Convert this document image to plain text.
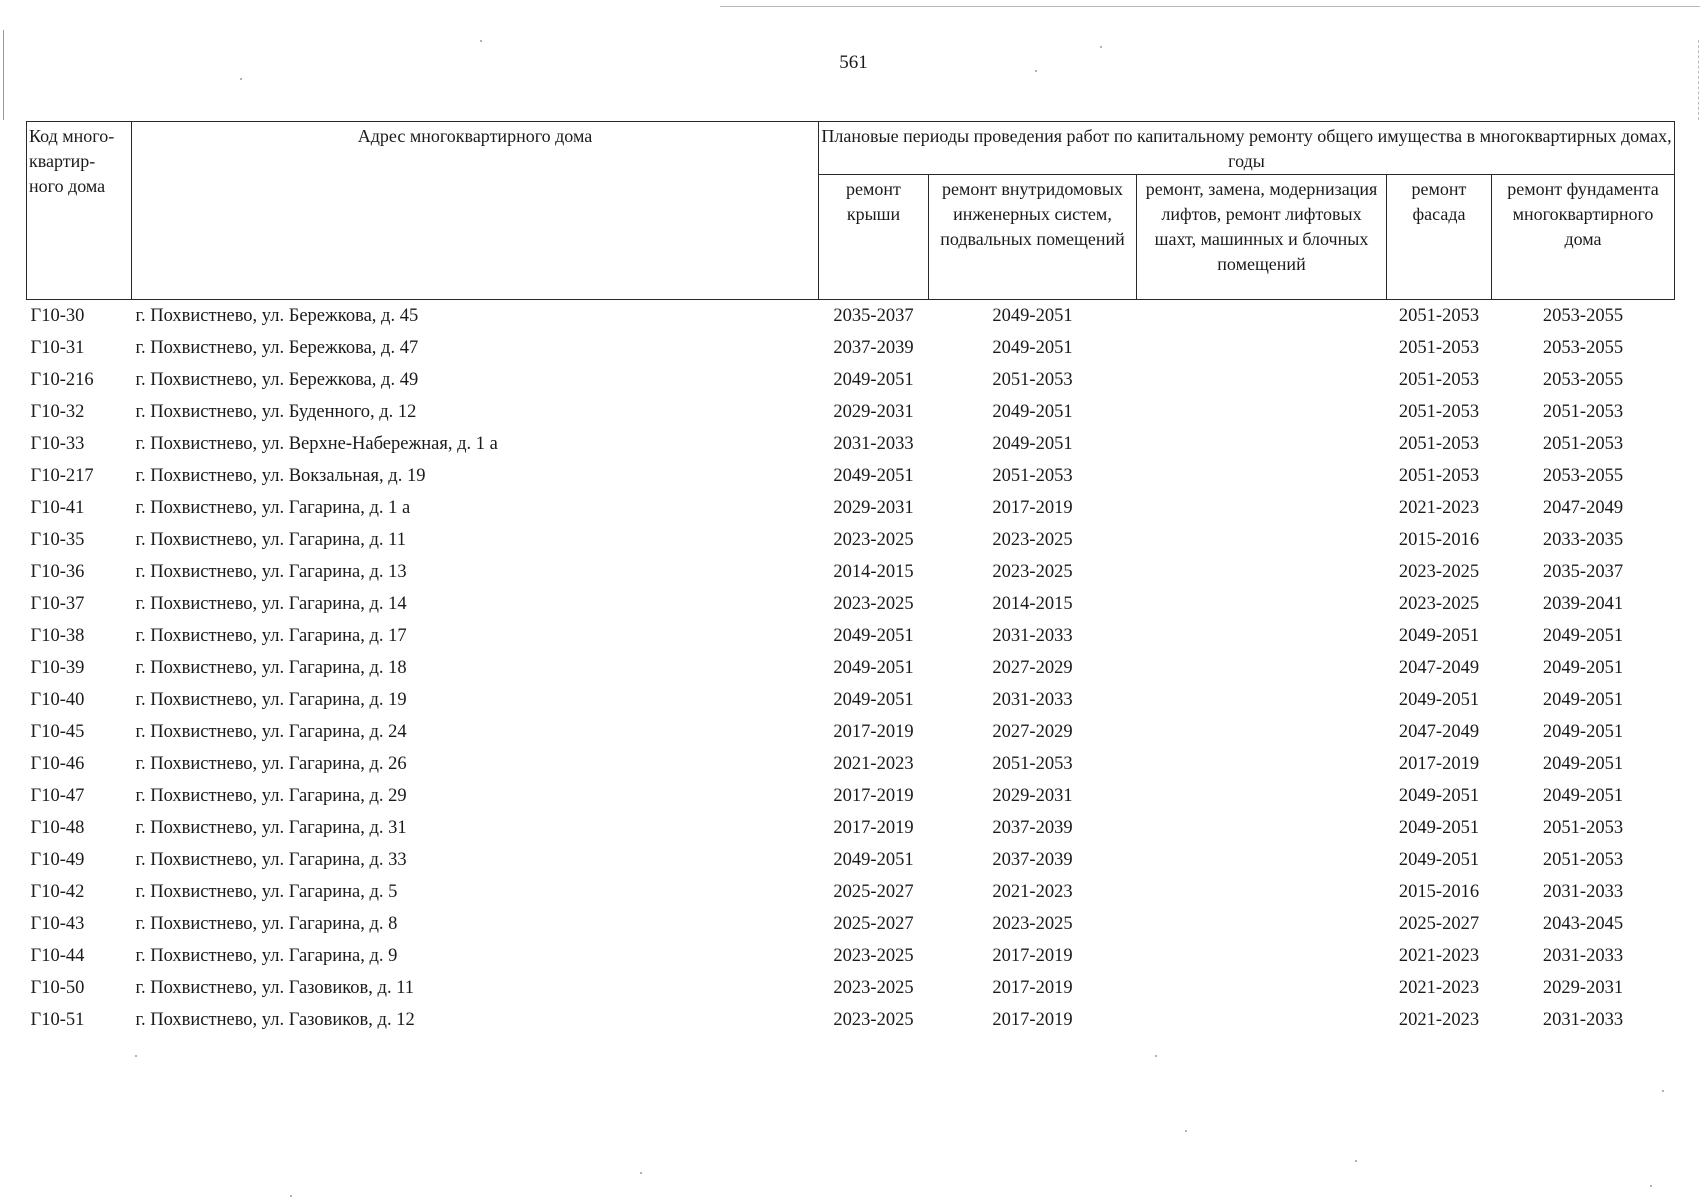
561
Код много-квартир-ного дома	Адрес многоквартирного дома	Плановые периоды проведения работ по капитальному ремонту общего имущества в многоквартирных домах, годы				
		ремонт крыши	ремонт внутридомовых инженерных систем, подвальных помещений	ремонт, замена, модернизация лифтов, ремонт лифтовых шахт, машинных и блочных помещений	ремонт фасада	ремонт фундамента многоквартирного дома
Г10-30	г. Похвистнево, ул. Бережкова, д. 45	2035-2037	2049-2051		2051-2053	2053-2055
Г10-31	г. Похвистнево, ул. Бережкова, д. 47	2037-2039	2049-2051		2051-2053	2053-2055
Г10-216	г. Похвистнево, ул. Бережкова, д. 49	2049-2051	2051-2053		2051-2053	2053-2055
Г10-32	г. Похвистнево, ул. Буденного, д. 12	2029-2031	2049-2051		2051-2053	2051-2053
Г10-33	г. Похвистнево, ул. Верхне-Набережная, д. 1 а	2031-2033	2049-2051		2051-2053	2051-2053
Г10-217	г. Похвистнево, ул. Вокзальная, д. 19	2049-2051	2051-2053		2051-2053	2053-2055
Г10-41	г. Похвистнево, ул. Гагарина, д. 1 а	2029-2031	2017-2019		2021-2023	2047-2049
Г10-35	г. Похвистнево, ул. Гагарина, д. 11	2023-2025	2023-2025		2015-2016	2033-2035
Г10-36	г. Похвистнево, ул. Гагарина, д. 13	2014-2015	2023-2025		2023-2025	2035-2037
Г10-37	г. Похвистнево, ул. Гагарина, д. 14	2023-2025	2014-2015		2023-2025	2039-2041
Г10-38	г. Похвистнево, ул. Гагарина, д. 17	2049-2051	2031-2033		2049-2051	2049-2051
Г10-39	г. Похвистнево, ул. Гагарина, д. 18	2049-2051	2027-2029		2047-2049	2049-2051
Г10-40	г. Похвистнево, ул. Гагарина, д. 19	2049-2051	2031-2033		2049-2051	2049-2051
Г10-45	г. Похвистнево, ул. Гагарина, д. 24	2017-2019	2027-2029		2047-2049	2049-2051
Г10-46	г. Похвистнево, ул. Гагарина, д. 26	2021-2023	2051-2053		2017-2019	2049-2051
Г10-47	г. Похвистнево, ул. Гагарина, д. 29	2017-2019	2029-2031		2049-2051	2049-2051
Г10-48	г. Похвистнево, ул. Гагарина, д. 31	2017-2019	2037-2039		2049-2051	2051-2053
Г10-49	г. Похвистнево, ул. Гагарина, д. 33	2049-2051	2037-2039		2049-2051	2051-2053
Г10-42	г. Похвистнево, ул. Гагарина, д. 5	2025-2027	2021-2023		2015-2016	2031-2033
Г10-43	г. Похвистнево, ул. Гагарина, д. 8	2025-2027	2023-2025		2025-2027	2043-2045
Г10-44	г. Похвистнево, ул. Гагарина, д. 9	2023-2025	2017-2019		2021-2023	2031-2033
Г10-50	г. Похвистнево, ул. Газовиков, д. 11	2023-2025	2017-2019		2021-2023	2029-2031
Г10-51	г. Похвистнево, ул. Газовиков, д. 12	2023-2025	2017-2019		2021-2023	2031-2033
